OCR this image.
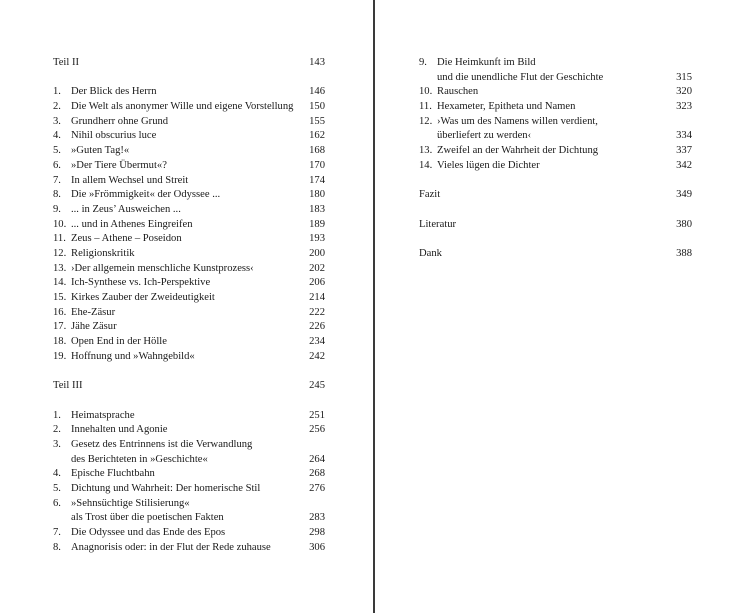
Teil II	143
1. Der Blick des Herrn	146
2. Die Welt als anonymer Wille und eigene Vorstellung 150
3. Grundherr ohne Grund	155
4. Nihil obscurius luce	162
5. »Guten Tag!«	168
6. »Der Tiere Übermut«?	170
7. In allem Wechsel und Streit	174
8. Die »Frömmigkeit« der Odyssee ...	180
9. ... in Zeus’ Ausweichen ...	183
10. ... und in Athenes Eingreifen	189
11. Zeus – Athene – Poseidon	193
12. Religionskritik	200
13. ›Der allgemein menschliche Kunstprozess‹	202
14. Ich-Synthese vs. Ich-Perspektive	206
15. Kirkes Zauber der Zweideutigkeit	214
16. Ehe-Zäsur	222
17. Jähe Zäsur	226
18. Open End in der Hölle	234
19. Hoffnung und »Wahngebild«	242
Teil III	245
1. Heimatsprache	251
2. Innehalten und Agonie	256
3. Gesetz des Entrinnens ist die Verwandlung
des Berichteten in »Geschichte«	264
4. Epische Fluchtbahn	268
5. Dichtung und Wahrheit: Der homerische Stil	276
6. »Sehnsüchtige Stilisierung«
als Trost über die poetischen Fakten	283
7. Die Odyssee und das Ende des Epos	298
8. Anagnorisis oder: in der Flut der Rede zuhause	306
9. Die Heimkunft im Bild
und die unendliche Flut der Geschichte	315
10. Rauschen	320
11. Hexameter, Epitheta und Namen	323
12. ›Was um des Namens willen verdient,
überliefert zu werden‹	334
13. Zweifel an der Wahrheit der Dichtung	337
14. Vieles lügen die Dichter	342
Fazit	349
Literatur	380
Dank	388
